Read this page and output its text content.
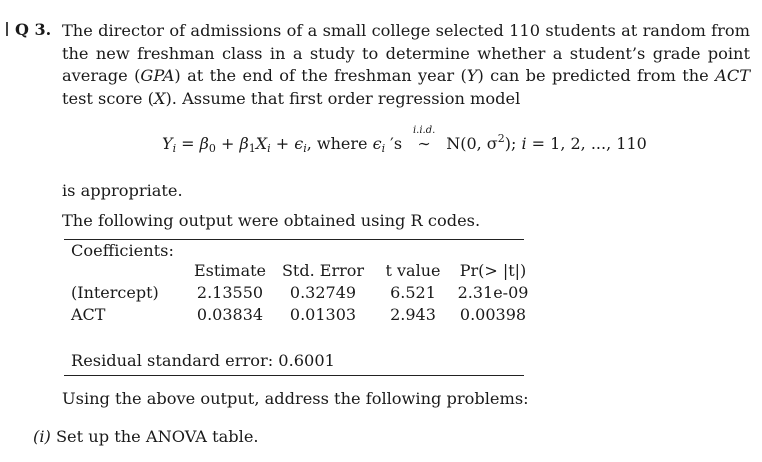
Q 3. The director of admissions of a small college selected 110 students at random from the new freshman class in a study to determine whether a student’s grade point average (GPA) at the end of the freshman year (Y) can be predicted from the ACT test score (X). Assume that first order regression model
$Y_i = \beta_0 + \beta_1X_i + \epsilon_i$, where $\epsilon_i$ ′s
i.i.d.
∼ N(0, $\sigma^2$); i = 1, 2, ..., 110
is appropriate.
The following output were obtained using R codes.
Coefficients:
	Estimate	Std. Error	t value	Pr(> |t|)
(Intercept)	2.13550	0.32749	6.521	2.31e-09
ACT	0.03834	0.01303	2.943	0.00398
Residual standard error: 0.6001
Using the above output, address the following problems:
(i) Set up the ANOVA table.
